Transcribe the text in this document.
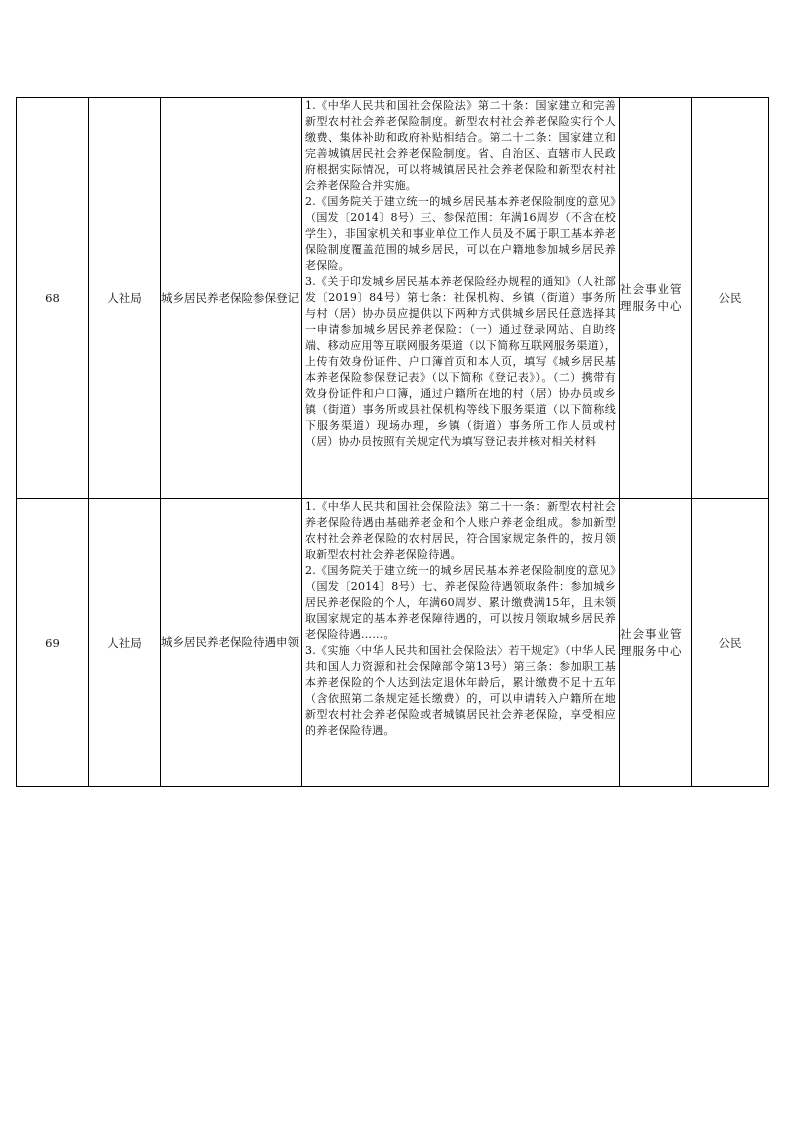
68	人社局	城乡居民养老保险参保登记	1.《中华人民共和国社会保险法》第二十条：国家建立和完善新型农村社会养老保险制度。新型农村社会养老保险实行个人缴费、集体补助和政府补贴相结合。第二十二条：国家建立和完善城镇居民社会养老保险制度。省、自治区、直辖市人民政府根据实际情况，可以将城镇居民社会养老保险和新型农村社会养老保险合并实施。
2.《国务院关于建立统一的城乡居民基本养老保险制度的意见》（国发〔2014〕8号）三、参保范围：年满16周岁（不含在校学生），非国家机关和事业单位工作人员及不属于职工基本养老保险制度覆盖范围的城乡居民，可以在户籍地参加城乡居民养老保险。
3.《关于印发城乡居民基本养老保险经办规程的通知》（人社部发〔2019〕84号）第七条：社保机构、乡镇（街道）事务所与村（居）协办员应提供以下两种方式供城乡居民任意选择其一申请参加城乡居民养老保险：（一）通过登录网站、自助终端、移动应用等互联网服务渠道（以下简称互联网服务渠道），上传有效身份证件、户口簿首页和本人页，填写《城乡居民基本养老保险参保登记表》（以下简称《登记表》）。（二）携带有效身份证件和户口簿，通过户籍所在地的村（居）协办员或乡镇（街道）事务所或县社保机构等线下服务渠道（以下简称线下服务渠道）现场办理，乡镇（街道）事务所工作人员或村（居）协办员按照有关规定代为填写登记表并核对相关材料	社会事业管理服务中心	公民
69	人社局	城乡居民养老保险待遇申领	1.《中华人民共和国社会保险法》第二十一条：新型农村社会养老保险待遇由基础养老金和个人账户养老金组成。参加新型农村社会养老保险的农村居民，符合国家规定条件的，按月领取新型农村社会养老保险待遇。
2.《国务院关于建立统一的城乡居民基本养老保险制度的意见》（国发〔2014〕8号）七、养老保险待遇领取条件：参加城乡居民养老保险的个人，年满60周岁、累计缴费满15年，且未领取国家规定的基本养老保障待遇的，可以按月领取城乡居民养老保险待遇……。
3.《实施〈中华人民共和国社会保险法〉若干规定》（中华人民共和国人力资源和社会保障部令第13号）第三条：参加职工基本养老保险的个人达到法定退休年龄后，累计缴费不足十五年（含依照第二条规定延长缴费）的，可以申请转入户籍所在地新型农村社会养老保险或者城镇居民社会养老保险，享受相应的养老保险待遇。	社会事业管理服务中心	公民
